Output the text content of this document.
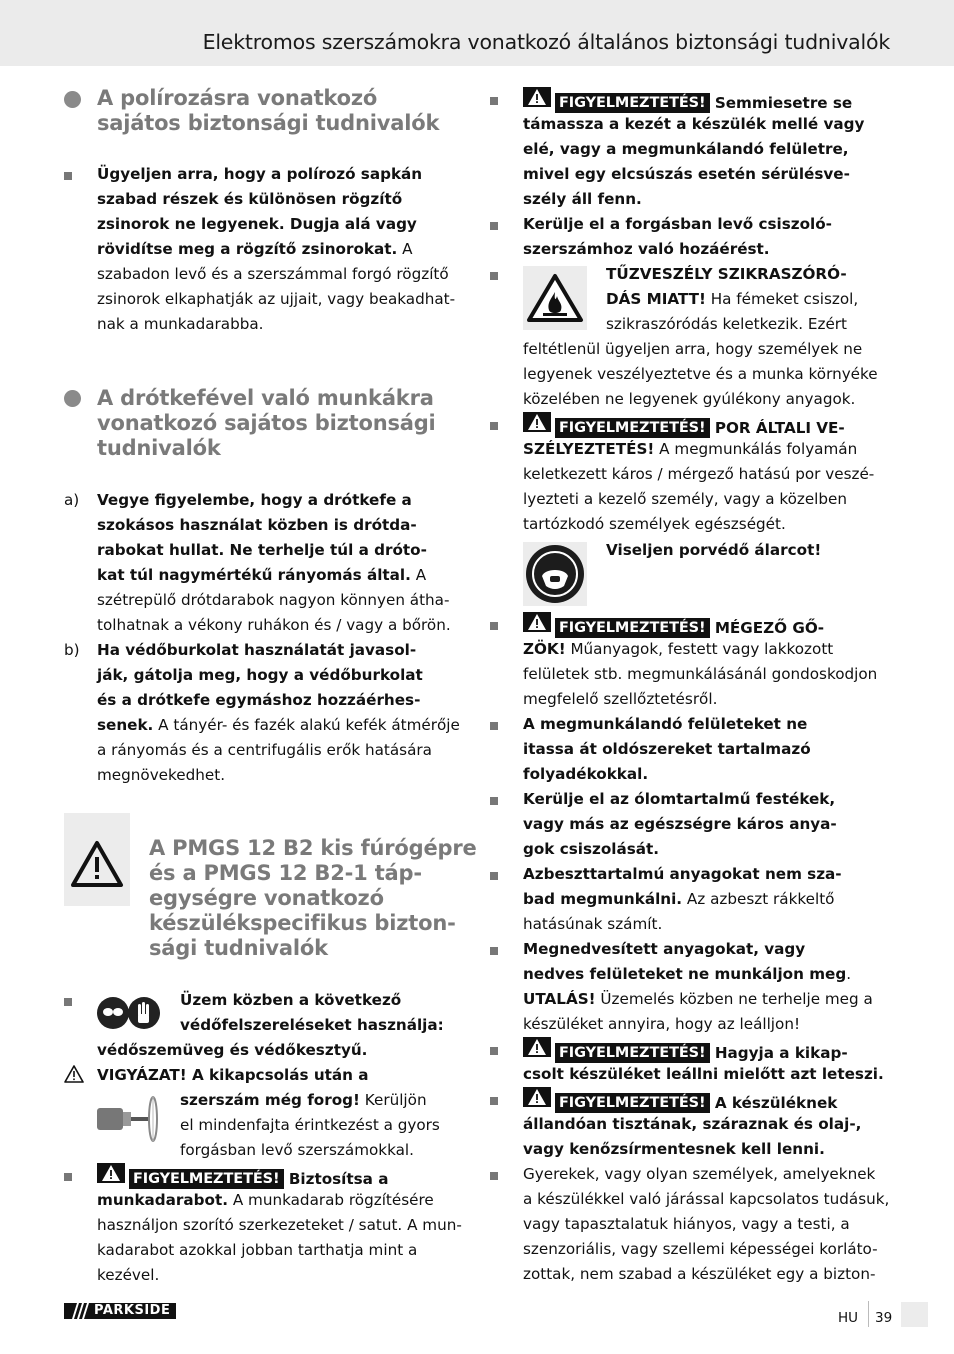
Elektromos szerszámokra vonatkozó általános biztonsági tudnivalók
A polírozásra vonatkozó
sajátos biztonsági tudnivalók
Ügyeljen arra, hogy a polírozó sapkán
szabad részek és különösen rögzítő
zsinorok ne legyenek. Dugja alá vagy
rövidítse meg a rögzítő zsinorokat. A
szabadon levő és a szerszámmal forgó rögzítő
zsinorok elkaphatják az ujjait, vagy beakadhat-
nak a munkadarabba.
A drótkefével való munkákra
vonatkozó sajátos biztonsági
tudnivalók
a) Vegye figyelembe, hogy a drótkefe a
szokásos használat közben is drótda-
rabokat hullat. Ne terhelje túl a dróto-
kat túl nagymértékű rányomás által. A
szétrepülő drótdarabok nagyon könnyen átha-
tolhatnak a vékony ruhákon és / vagy a bőrön.
b) Ha védőburkolat használatát javasol-
ják, gátolja meg, hogy a védőburkolat
és a drótkefe egymáshoz hozzáérhes-
senek. A tányér- és fazék alakú kefék átmérője
a rányomás és a centrifugális erők hatására
megnövekedhet.
A PMGS 12 B2 kis fúrógépre
és a PMGS 12 B2-1 táp-
egységre vonatkozó
készülékspecifikus bizton-
sági tudnivalók
Üzem közben a következő
védőfelszereléseket használja:
védőszemüveg és védőkesztyű.
VIGYÁZAT! A kikapcsolás után a
szerszám még forog! Kerüljön
el mindenfajta érintkezést a gyors
forgásban levő szerszámokkal.
FIGYELMEZTETÉS! Biztosítsa a
munkadarabot. A munkadarab rögzítésére
használjon szorító szerkezeteket / satut. A mun-
kadarabot azokkal jobban tarthatja mint a
kezével.
FIGYELMEZTETÉS! Semmiesetre se
támassza a kezét a készülék mellé vagy
elé, vagy a megmunkálandó felületre,
mivel egy elcsúszás esetén sérülésve-
szély áll fenn.
Kerülje el a forgásban levő csiszoló-
szerszámhoz való hozáérést.
TŰZVESZÉLY SZIKRASZÓRÓ-
DÁS MIATT! Ha fémeket csiszol,
szikraszóródás keletkezik. Ezért
feltétlenül ügyeljen arra, hogy személyek ne
legyenek veszélyeztetve és a munka környéke
közelében ne legyenek gyúlékony anyagok.
FIGYELMEZTETÉS! POR ÁLTALI VE-
SZÉLYEZTETÉS! A megmunkálás folyamán
keletkezett káros / mérgező hatású por veszé-
lyezteti a kezelő személy, vagy a közelben
tartózkodó személyek egészségét.
Viseljen porvédő álarcot!
FIGYELMEZTETÉS! MÉGEZŐ GŐ-
ZÖK! Műanyagok, festett vagy lakkozott
felületek stb. megmunkálásánál gondoskodjon
megfelelő szellőztetésről.
A megmunkálandó felületeket ne
itassa át oldószereket tartalmazó
folyadékokkal.
Kerülje el az ólomtartalmű festékek,
vagy más az egészségre káros anya-
gok csiszolását.
Azbeszttartalmú anyagokat nem sza-
bad megmunkálni. Az azbeszt rákkeltő
hatásúnak számít.
Megnedvesített anyagokat, vagy
nedves felületeket ne munkáljon meg.
UTALÁS! Üzemelés közben ne terhelje meg a
készüléket annyira, hogy az leálljon!
FIGYELMEZTETÉS! Hagyja a kikap-
csolt készüléket leállni mielőtt azt leteszi.
FIGYELMEZTETÉS! A készüléknek
állandóan tisztának, száraznak és olaj-,
vagy kenőzsírmentesnek kell lenni.
Gyerekek, vagy olyan személyek, amelyeknek
a készülékkel való járással kapcsolatos tudásuk,
vagy tapasztalatuk hiányos, vagy a testi, a
szenzoriális, vagy szellemi képességei korláto-
zottak, nem szabad a készüléket egy a bizton-
PARKSIDE	HU 39
